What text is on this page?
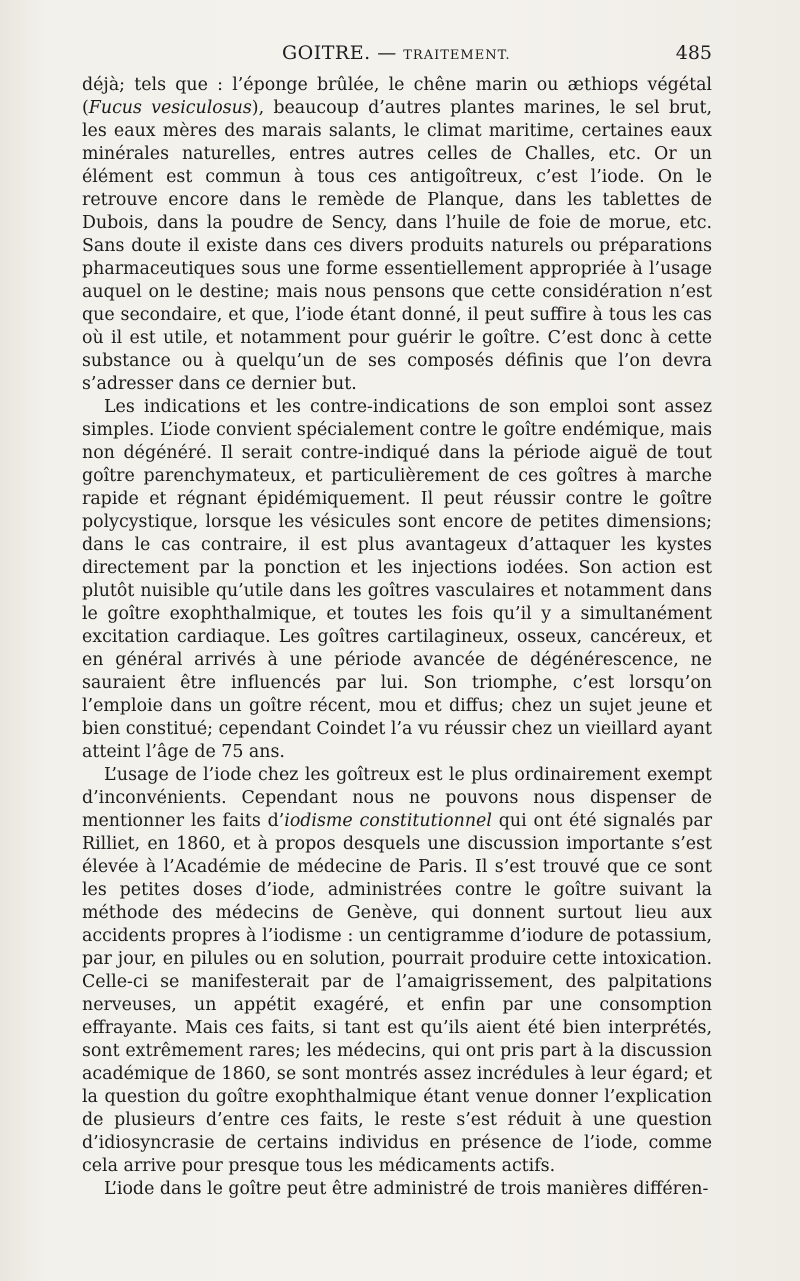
GOITRE. — TRAITEMENT.	485

déjà; tels que : l’éponge brûlée, le chêne marin ou æthiops végétal (Fucus vesiculosus), beaucoup d’autres plantes marines, le sel brut, les eaux mères des marais salants, le climat maritime, certaines eaux minérales naturelles, entres autres celles de Challes, etc. Or un élément est commun à tous ces antigoîtreux, c’est l’iode. On le retrouve encore dans le remède de Planque, dans les tablettes de Dubois, dans la poudre de Sency, dans l’huile de foie de morue, etc. Sans doute il existe dans ces divers produits naturels ou préparations pharmaceutiques sous une forme essentiellement appropriée à l’usage auquel on le destine; mais nous pensons que cette considération n’est que secondaire, et que, l’iode étant donné, il peut suffire à tous les cas où il est utile, et notamment pour guérir le goître. C’est donc à cette substance ou à quelqu’un de ses composés définis que l’on devra s’adresser dans ce dernier but.

Les indications et les contre-indications de son emploi sont assez simples. L’iode convient spécialement contre le goître endémique, mais non dégénéré. Il serait contre-indiqué dans la période aiguë de tout goître parenchymateux, et particulièrement de ces goîtres à marche rapide et régnant épidémiquement. Il peut réussir contre le goître polycystique, lorsque les vésicules sont encore de petites dimensions; dans le cas contraire, il est plus avantageux d’attaquer les kystes directement par la ponction et les injections iodées. Son action est plutôt nuisible qu’utile dans les goîtres vasculaires et notamment dans le goître exophthalmique, et toutes les fois qu’il y a simultanément excitation cardiaque. Les goîtres cartilagineux, osseux, cancéreux, et en général arrivés à une période avancée de dégénérescence, ne sauraient être influencés par lui. Son triomphe, c’est lorsqu’on l’emploie dans un goître récent, mou et diffus; chez un sujet jeune et bien constitué; cependant Coindet l’a vu réussir chez un vieillard ayant atteint l’âge de 75 ans.

L’usage de l’iode chez les goîtreux est le plus ordinairement exempt d’inconvénients. Cependant nous ne pouvons nous dispenser de mentionner les faits d’iodisme constitutionnel qui ont été signalés par Rilliet, en 1860, et à propos desquels une discussion importante s’est élevée à l’Académie de médecine de Paris. Il s’est trouvé que ce sont les petites doses d’iode, administrées contre le goître suivant la méthode des médecins de Genève, qui donnent surtout lieu aux accidents propres à l’iodisme : un centigramme d’iodure de potassium, par jour, en pilules ou en solution, pourrait produire cette intoxication. Celle-ci se manifesterait par de l’amaigrissement, des palpitations nerveuses, un appétit exagéré, et enfin par une consomption effrayante. Mais ces faits, si tant est qu’ils aient été bien interprétés, sont extrêmement rares; les médecins, qui ont pris part à la discussion académique de 1860, se sont montrés assez incrédules à leur égard; et la question du goître exophthalmique étant venue donner l’explication de plusieurs d’entre ces faits, le reste s’est réduit à une question d’idiosyncrasie de certains individus en présence de l’iode, comme cela arrive pour presque tous les médicaments actifs.

L’iode dans le goître peut être administré de trois manières différen-
